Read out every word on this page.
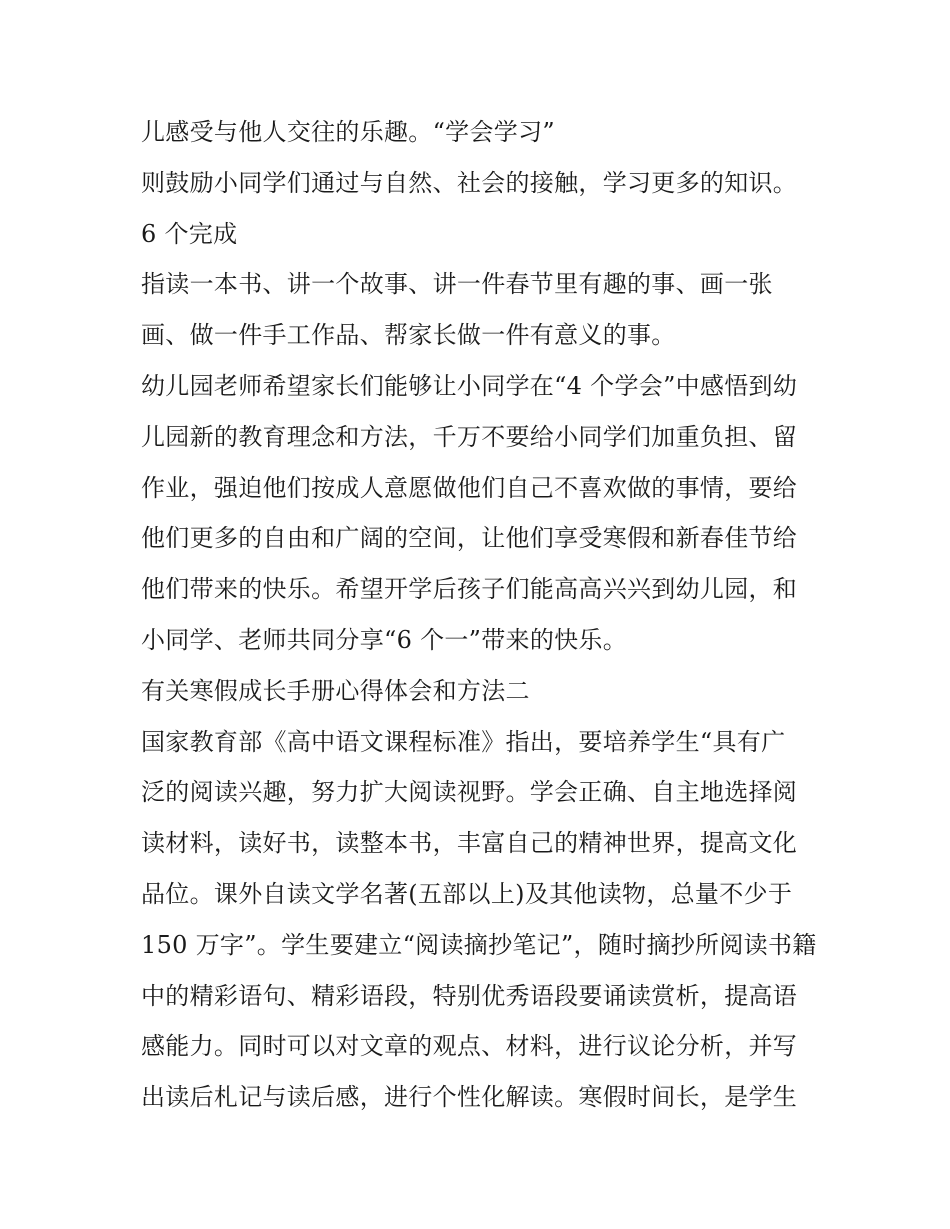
儿感受与他人交往的乐趣。“学会学习”
则鼓励小同学们通过与自然、社会的接触，学习更多的知识。
6 个完成
指读一本书、讲一个故事、讲一件春节里有趣的事、画一张
画、做一件手工作品、帮家长做一件有意义的事。
幼儿园老师希望家长们能够让小同学在“4 个学会”中感悟到幼
儿园新的教育理念和方法，千万不要给小同学们加重负担、留
作业，强迫他们按成人意愿做他们自己不喜欢做的事情，要给
他们更多的自由和广阔的空间，让他们享受寒假和新春佳节给
他们带来的快乐。希望开学后孩子们能高高兴兴到幼儿园，和
小同学、老师共同分享“6 个一”带来的快乐。
有关寒假成长手册心得体会和方法二
国家教育部《高中语文课程标准》指出，要培养学生“具有广
泛的阅读兴趣，努力扩大阅读视野。学会正确、自主地选择阅
读材料，读好书，读整本书，丰富自己的精神世界，提高文化
品位。课外自读文学名著(五部以上)及其他读物，总量不少于
150 万字”。学生要建立“阅读摘抄笔记”，随时摘抄所阅读书籍
中的精彩语句、精彩语段，特别优秀语段要诵读赏析，提高语
感能力。同时可以对文章的观点、材料，进行议论分析，并写
出读后札记与读后感，进行个性化解读。寒假时间长，是学生
